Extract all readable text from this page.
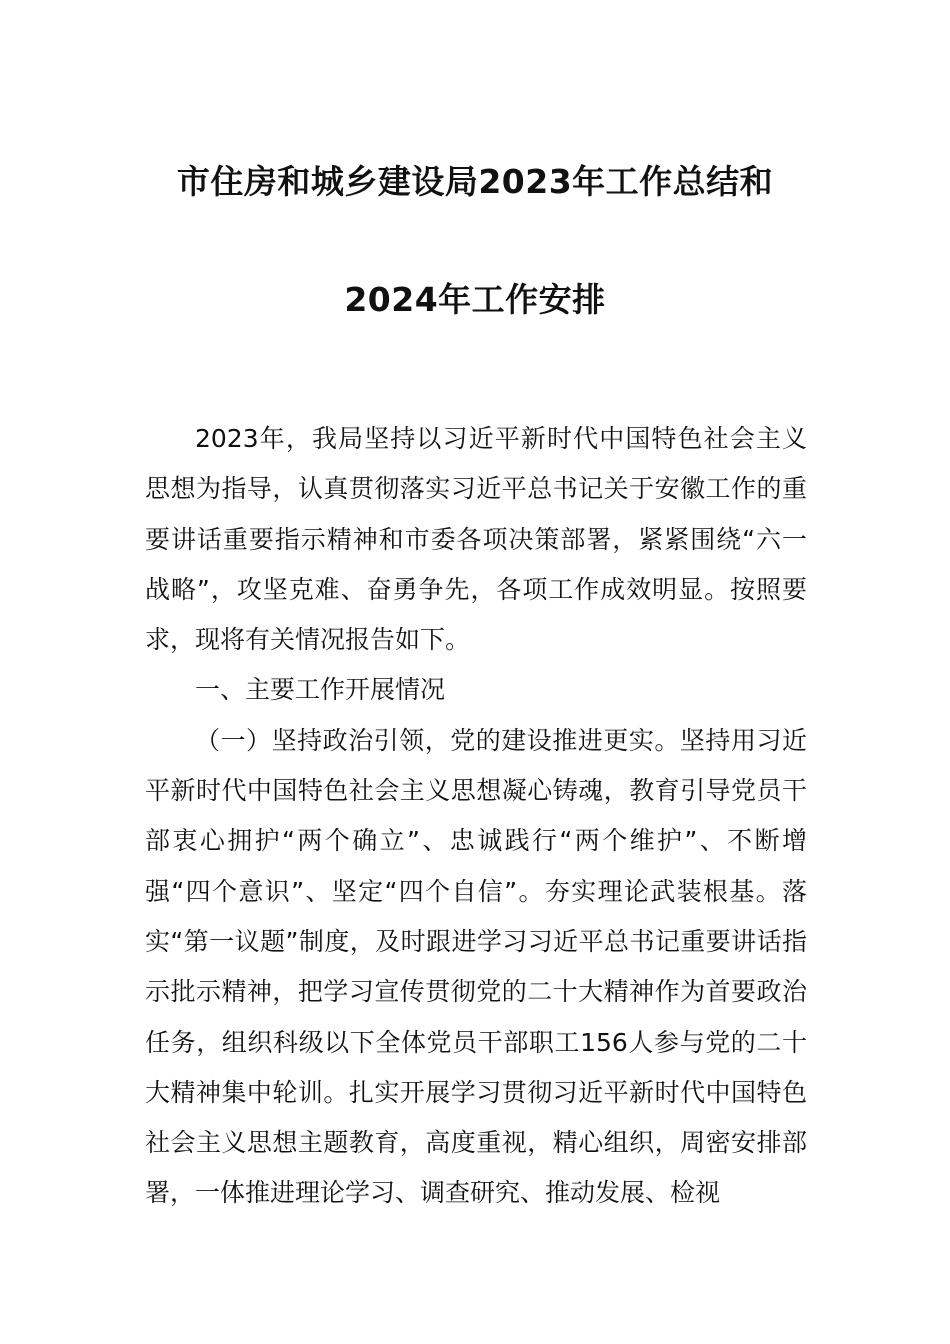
市住房和城乡建设局2023年工作总结和
2024年工作安排

2023年，我局坚持以习近平新时代中国特色社会主义思想为指导，认真贯彻落实习近平总书记关于安徽工作的重要讲话重要指示精神和市委各项决策部署，紧紧围绕“六一战略”，攻坚克难、奋勇争先，各项工作成效明显。按照要求，现将有关情况报告如下。

一、主要工作开展情况

（一）坚持政治引领，党的建设推进更实。坚持用习近平新时代中国特色社会主义思想凝心铸魂，教育引导党员干部衷心拥护“两个确立”、忠诚践行“两个维护”、不断增强“四个意识”、坚定“四个自信”。夯实理论武装根基。落实“第一议题”制度，及时跟进学习习近平总书记重要讲话指示批示精神，把学习宣传贯彻党的二十大精神作为首要政治任务，组织科级以下全体党员干部职工156人参与党的二十大精神集中轮训。扎实开展学习贯彻习近平新时代中国特色社会主义思想主题教育，高度重视，精心组织，周密安排部署，一体推进理论学习、调查研究、推动发展、检视
